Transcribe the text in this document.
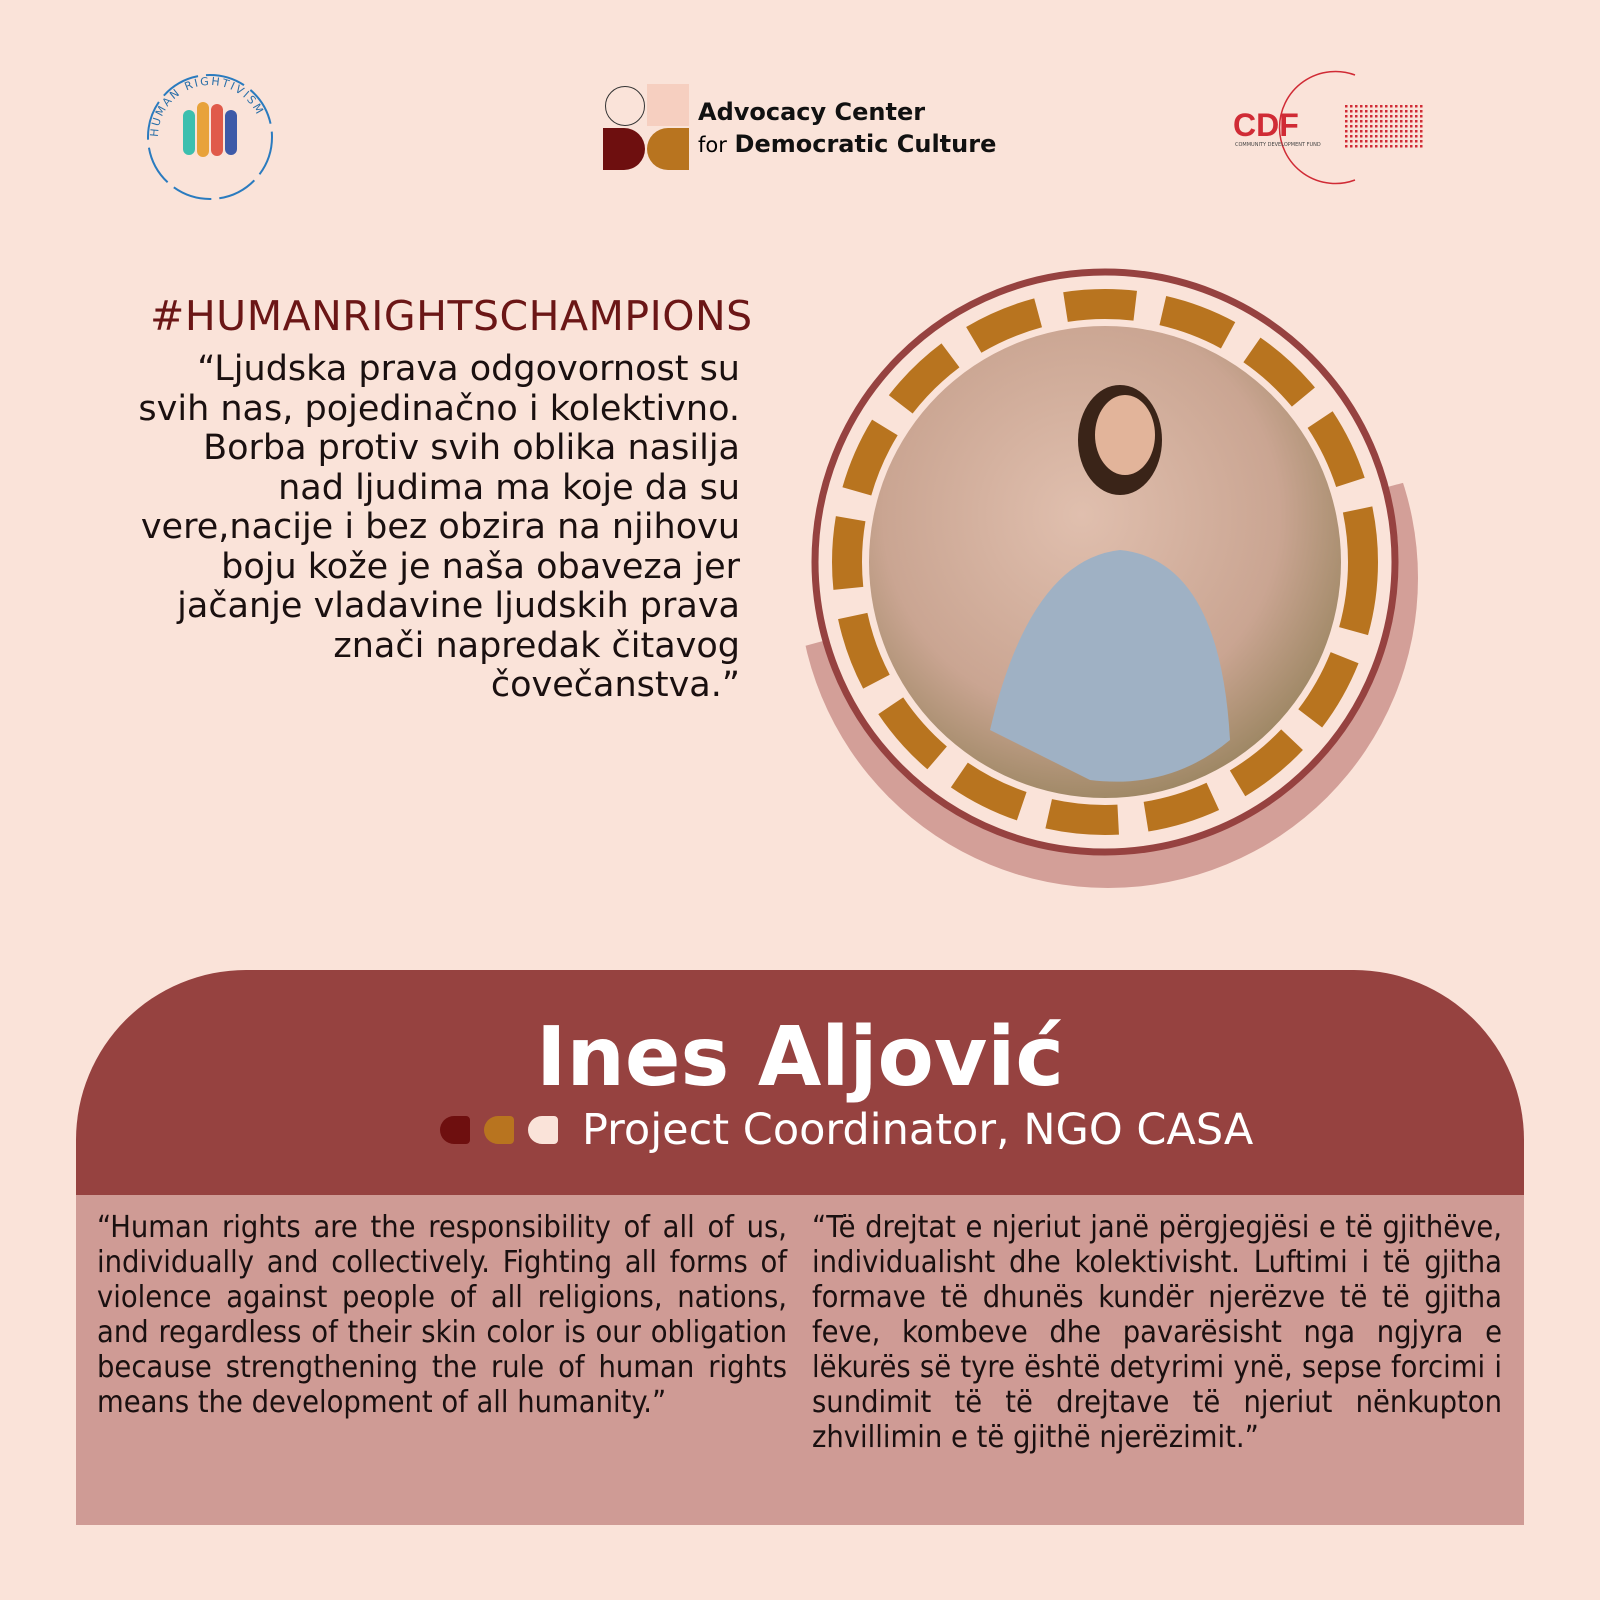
HUMAN RIGHTIVISM	Advocacy Center
for Democratic Culture
CDF
COMMUNITY DEVELOPMENT FUND
#HUMANRIGHTSCHAMPIONS
“Ljudska prava odgovornost su svih nas, pojedinačno i kolektivno. Borba protiv svih oblika nasilja nad ljudima ma koje da su vere,nacije i bez obzira na njihovu boju kože je naša obaveza jer jačanje vladavine ljudskih prava znači napredak čitavog čovečanstva.”
Ines Aljović
Project Coordinator, NGO CASA
“Human rights are the responsibility of all of us, individually and collectively. Fighting all forms of violence against people of all religions, nations, and regardless of their skin color is our obligation because strengthening the rule of human rights means the development of all humanity.”
“Të drejtat e njeriut janë përgjegjësi e të gjithëve, individualisht dhe kolektivisht. Luftimi i të gjitha formave të dhunës kundër njerëzve të të gjitha feve, kombeve dhe pavarësisht nga ngjyra e lëkurës së tyre është detyrimi ynë, sepse forcimi i sundimit të të drejtave të njeriut nënkupton zhvillimin e të gjithë njerëzimit.”
